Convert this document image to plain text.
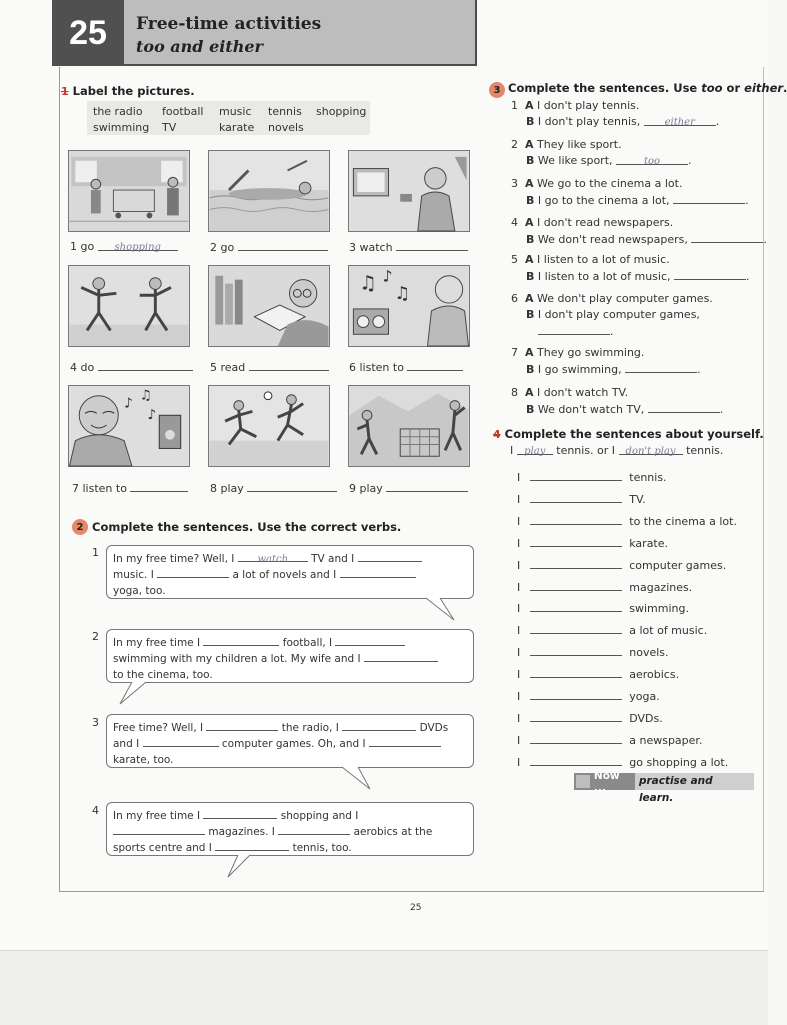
25	Free-time activities
too and either
1 Label the pictures.
the radio football music tennis shopping
swimming TV	karate novels
1 go shopping	2 go	3 watch
♫ ♪
♫
4 do	5 read	6 listen to
♪ ♫
♪
7 listen to	8 play	9 play
2 Complete the sentences. Use the correct verbs.
1 In my free time? Well, I watch TV and I
music. I	a lot of novels and I
yoga, too.
2 In my free time I	football, I
swimming with my children a lot. My wife and I
to the cinema, too.
3 Free time? Well, I	the radio, I	DVDs
and I	computer games. Oh, and I
karate, too.
4 In my free time I	shopping and I
magazines. I	aerobics at the
sports centre and I	tennis, too.
3 Complete the sentences. Use too or either.
1 A I don't play tennis.
B I don't play tennis, either .
2 A They like sport.
B We like sport,	too	.
3 A We go to the cinema a lot.
B I go to the cinema a lot,	.
4 A I don't read newspapers.
B We don't read newspapers,	.
5 A I listen to a lot of music.
B I listen to a lot of music,	.
6 A We don't play computer games.
B I don't play computer games,
.
7 A They go swimming.
B I go swimming,	.
8 A I don't watch TV.
B We don't watch TV,	.
4 Complete the sentences about yourself.
I play tennis. or I don't play tennis.
I	tennis.
I	TV.
I	to the cinema a lot.
I	karate.
I	computer games.
I	magazines.
I	swimming.
I	a lot of music.
I	novels.
I	aerobics.
I	yoga.
I	DVDs.
I	a newspaper.
I	go shopping a lot.
Now ...
practise and learn.
25
